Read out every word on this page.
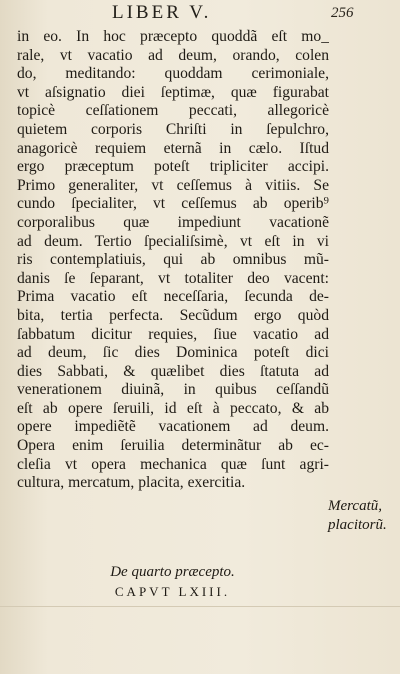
LIBER V.	256
in eo. In hoc præcepto quoddã eſt mo_
rale, vt vacatio ad deum, orando, colen
do, meditando: quoddam cerimoniale,
vt aſsignatio diei ſeptimæ, quæ figurabat
topicè ceſſationem peccati, allegoricè
quietem corporis Chriſti in ſepulchro,
anagoricè requiem eternã in cælo. Iſtud
ergo præceptum poteſt tripliciter accipi.
Primo generaliter, vt ceſſemus à vitiis. Se
cundo ſpecialiter, vt ceſſemus ab operib⁹
corporalibus quæ impediunt vacationẽ
ad deum. Tertio ſpecialiſsimè, vt eſt in vi
ris contemplatiuis, qui ab omnibus mũ-
danis ſe ſeparant, vt totaliter deo vacent:
Prima vacatio eſt neceſſaria, ſecunda de-
bita, tertia perfecta. Secũdum ergo quòd
ſabbatum dicitur requies, ſiue vacatio ad
ad deum, ſic dies Dominica poteſt dici
dies Sabbati, & quælibet dies ſtatuta ad
venerationem diuinã, in quibus ceſſandũ
eſt ab opere ſeruili, id eſt à peccato, & ab
opere impediẽtẽ vacationem ad deum.
Opera enim ſeruilia determinãtur ab ec-
cleſia vt opera mechanica quæ ſunt agri-
cultura, mercatum, placita, exercitia.
Mercatũ,
placitorũ.
De quarto præcepto.
CAPVT LXIII.
